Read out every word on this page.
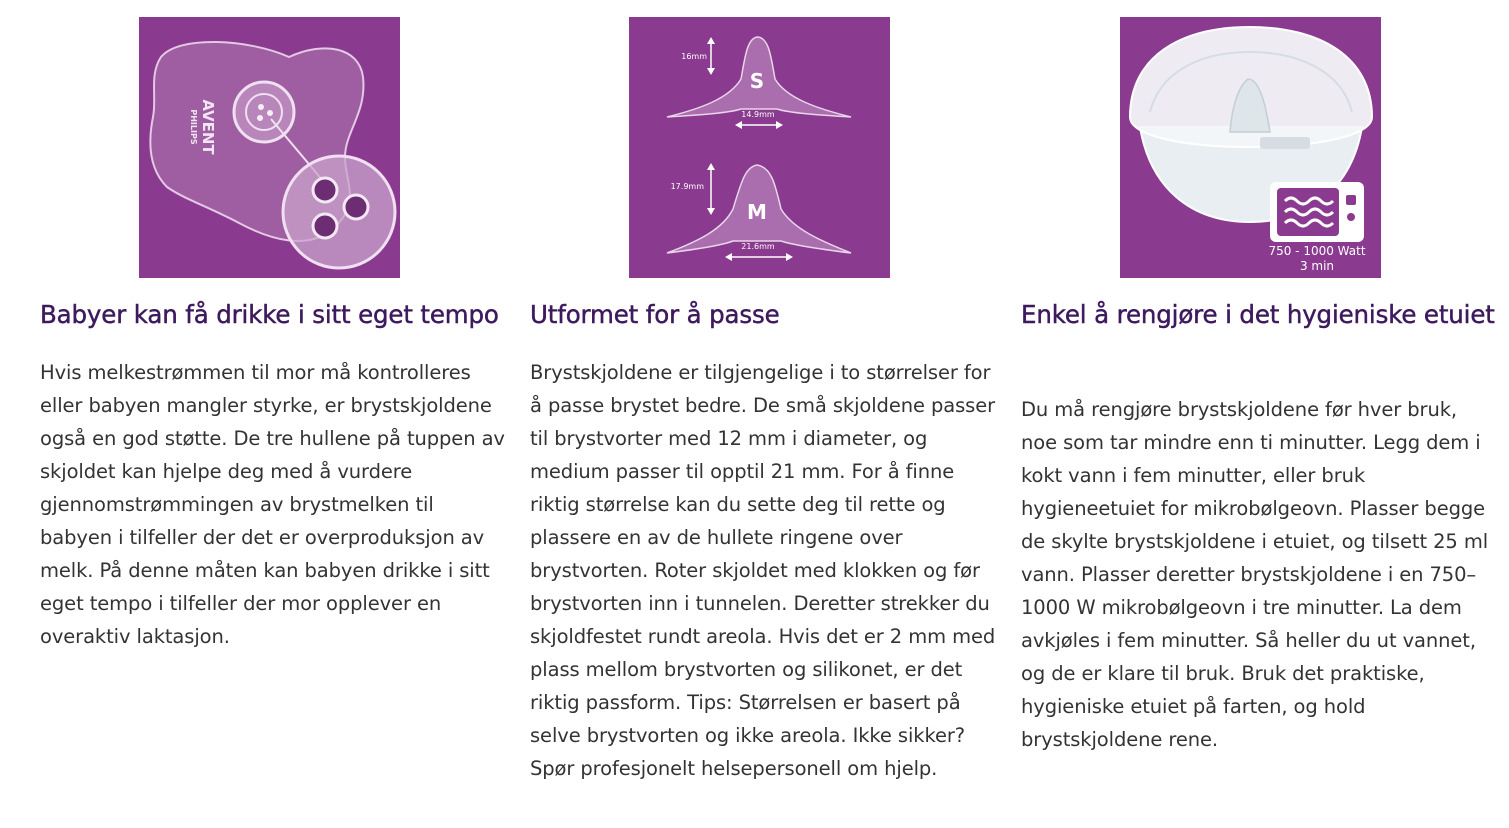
PHILIPS AVENT
Babyer kan få drikke i sitt eget tempo

Hvis melkestrømmen til mor må kontrolleres eller babyen mangler styrke, er brystskjoldene også en god støtte. De tre hullene på tuppen av skjoldet kan hjelpe deg med å vurdere gjennomstrømmingen av brystmelken til babyen i tilfeller der det er overproduksjon av melk. På denne måten kan babyen drikke i sitt eget tempo i tilfeller der mor opplever en overaktiv laktasjon.

S
16mm
14.9mm
M
17.9mm
21.6mm
Utformet for å passe

Brystskjoldene er tilgjengelige i to størrelser for å passe brystet bedre. De små skjoldene passer til brystvorter med 12 mm i diameter, og medium passer til opptil 21 mm. For å finne riktig størrelse kan du sette deg til rette og plassere en av de hullete ringene over brystvorten. Roter skjoldet med klokken og før brystvorten inn i tunnelen. Deretter strekker du skjoldfestet rundt areola. Hvis det er 2 mm med plass mellom brystvorten og silikonet, er det riktig passform. Tips: Størrelsen er basert på selve brystvorten og ikke areola. Ikke sikker? Spør profesjonelt helsepersonell om hjelp.

750 - 1000 Watt
3 min
Enkel å rengjøre i det hygieniske etuiet

Du må rengjøre brystskjoldene før hver bruk, noe som tar mindre enn ti minutter. Legg dem i kokt vann i fem minutter, eller bruk hygieneetuiet for mikrobølgeovn. Plasser begge de skylte brystskjoldene i etuiet, og tilsett 25 ml vann. Plasser deretter brystskjoldene i en 750–1000 W mikrobølgeovn i tre minutter. La dem avkjøles i fem minutter. Så heller du ut vannet, og de er klare til bruk. Bruk det praktiske, hygieniske etuiet på farten, og hold brystskjoldene rene.
